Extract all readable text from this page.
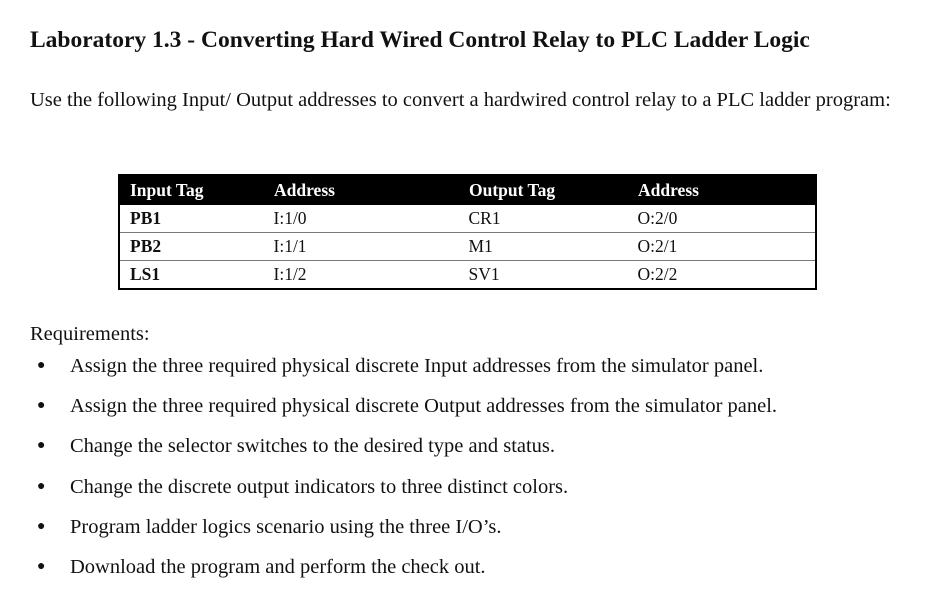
Laboratory 1.3 - Converting Hard Wired Control Relay to PLC Ladder Logic
Use the following Input/ Output addresses to convert a hardwired control relay to a PLC ladder program:
Input Tag	Address	Output Tag	Address
PB1	I:1/0	CR1	O:2/0
PB2	I:1/1	M1	O:2/1
LS1	I:1/2	SV1	O:2/2
Requirements:
● Assign the three required physical discrete Input addresses from the simulator panel.
● Assign the three required physical discrete Output addresses from the simulator panel.
● Change the selector switches to the desired type and status.
● Change the discrete output indicators to three distinct colors.
● Program ladder logics scenario using the three I/O’s.
● Download the program and perform the check out.
